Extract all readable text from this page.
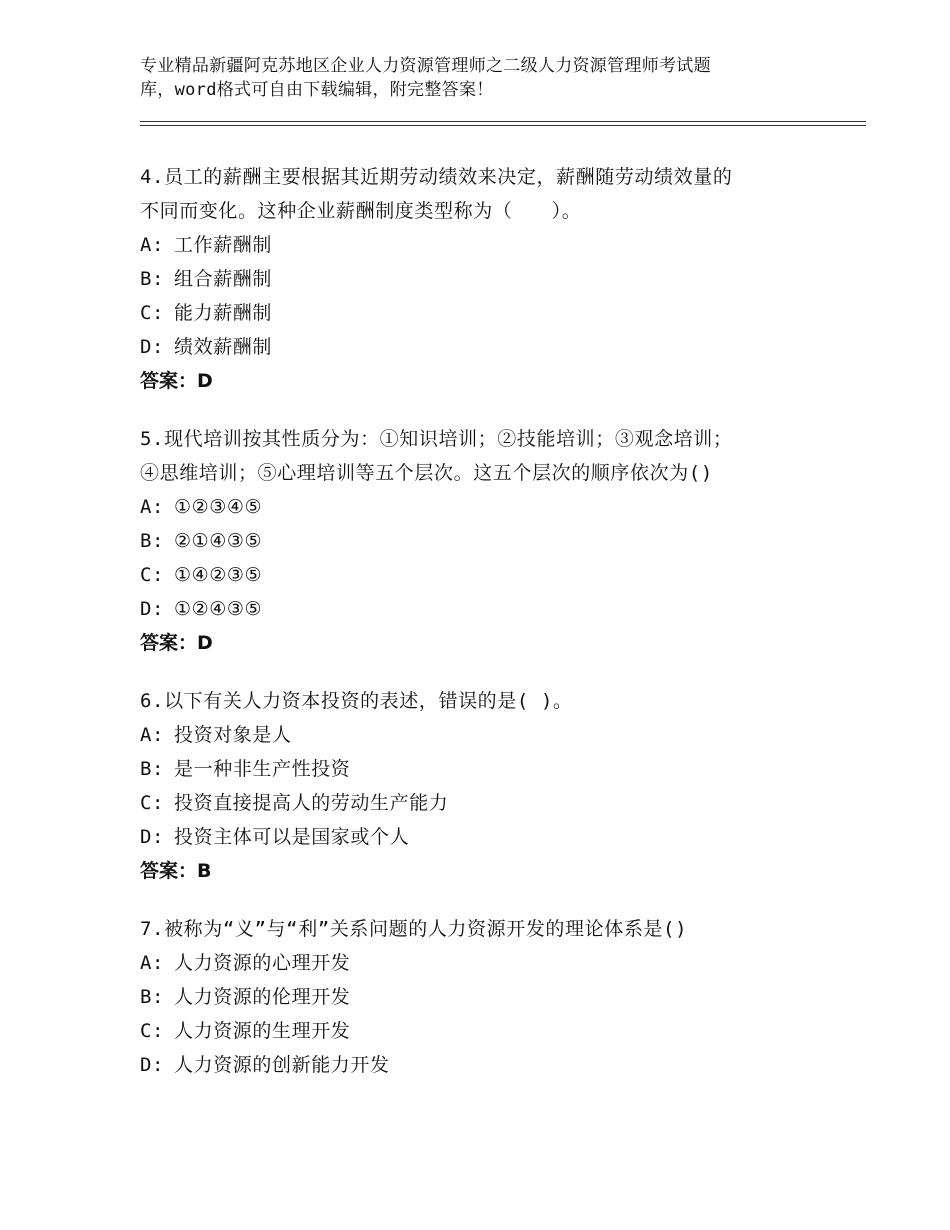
专业精品新疆阿克苏地区企业人力资源管理师之二级人力资源管理师考试题
库，word格式可自由下载编辑，附完整答案！
4.员工的薪酬主要根据其近期劳动绩效来决定，薪酬随劳动绩效量的
不同而变化。这种企业薪酬制度类型称为（　　）。
A: 工作薪酬制
B: 组合薪酬制
C: 能力薪酬制
D: 绩效薪酬制
答案：D
5.现代培训按其性质分为：①知识培训；②技能培训；③观念培训；
④思维培训；⑤心理培训等五个层次。这五个层次的顺序依次为()
A: ①②③④⑤
B: ②①④③⑤
C: ①④②③⑤
D: ①②④③⑤
答案：D
6.以下有关人力资本投资的表述，错误的是( )。
A: 投资对象是人
B: 是一种非生产性投资
C: 投资直接提高人的劳动生产能力
D: 投资主体可以是国家或个人
答案：B
7.被称为“义”与“利”关系问题的人力资源开发的理论体系是()
A: 人力资源的心理开发
B: 人力资源的伦理开发
C: 人力资源的生理开发
D: 人力资源的创新能力开发
